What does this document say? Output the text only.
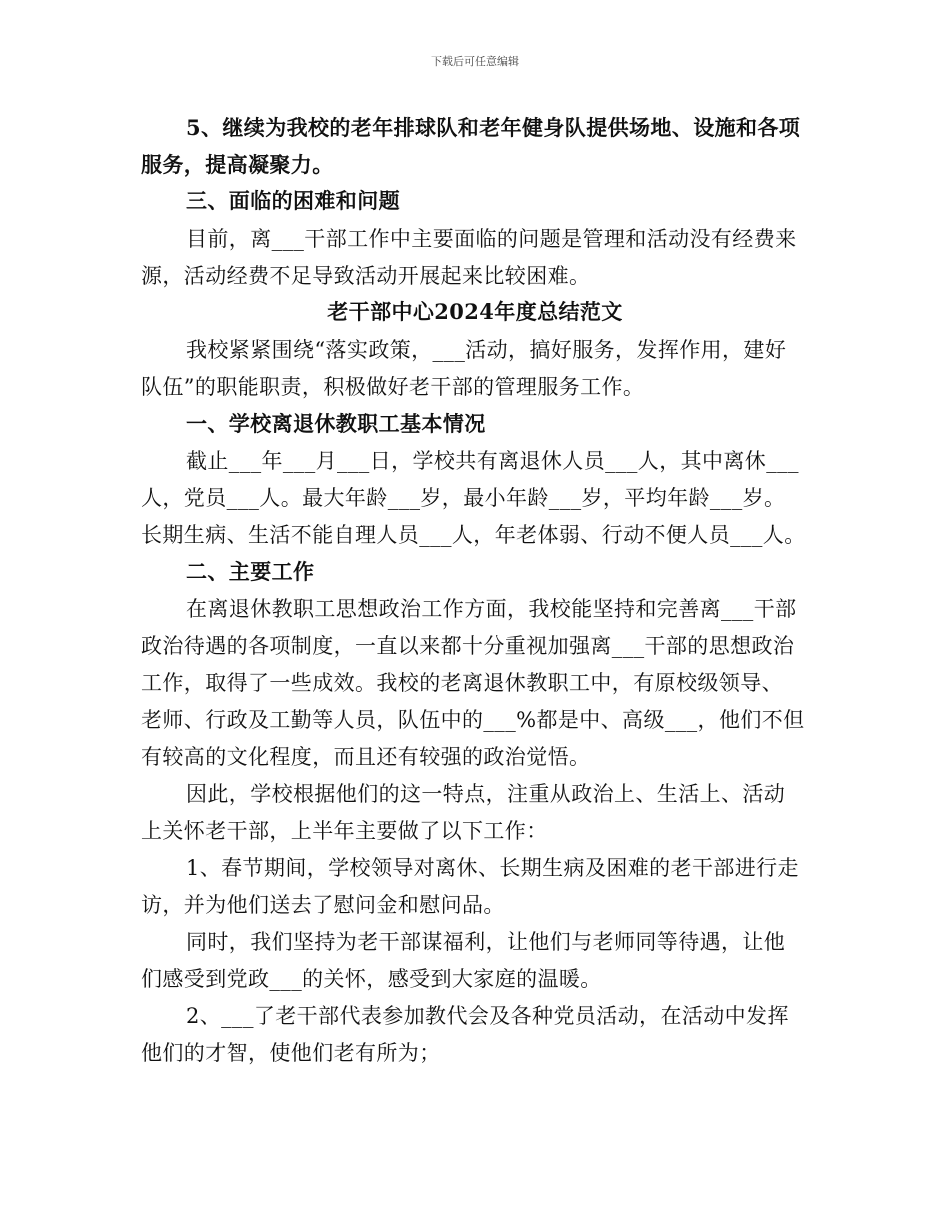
下载后可任意编辑
5、继续为我校的老年排球队和老年健身队提供场地、设施和各项
服务，提高凝聚力。
三、面临的困难和问题
目前，离___干部工作中主要面临的问题是管理和活动没有经费来
源，活动经费不足导致活动开展起来比较困难。
老干部中心2024年度总结范文
我校紧紧围绕“落实政策，___活动，搞好服务，发挥作用，建好
队伍”的职能职责，积极做好老干部的管理服务工作。
一、学校离退休教职工基本情况
截止___年___月___日，学校共有离退休人员___人，其中离休___
人，党员___人。最大年龄___岁，最小年龄___岁，平均年龄___岁。
长期生病、生活不能自理人员___人，年老体弱、行动不便人员___人。
二、主要工作
在离退休教职工思想政治工作方面，我校能坚持和完善离___干部
政治待遇的各项制度，一直以来都十分重视加强离___干部的思想政治
工作，取得了一些成效。我校的老离退休教职工中，有原校级领导、
老师、行政及工勤等人员，队伍中的___%都是中、高级___，他们不但
有较高的文化程度，而且还有较强的政治觉悟。
因此，学校根据他们的这一特点，注重从政治上、生活上、活动
上关怀老干部，上半年主要做了以下工作：
1、春节期间，学校领导对离休、长期生病及困难的老干部进行走
访，并为他们送去了慰问金和慰问品。
同时，我们坚持为老干部谋福利，让他们与老师同等待遇，让他
们感受到党政___的关怀，感受到大家庭的温暖。
2、___了老干部代表参加教代会及各种党员活动，在活动中发挥
他们的才智，使他们老有所为；
